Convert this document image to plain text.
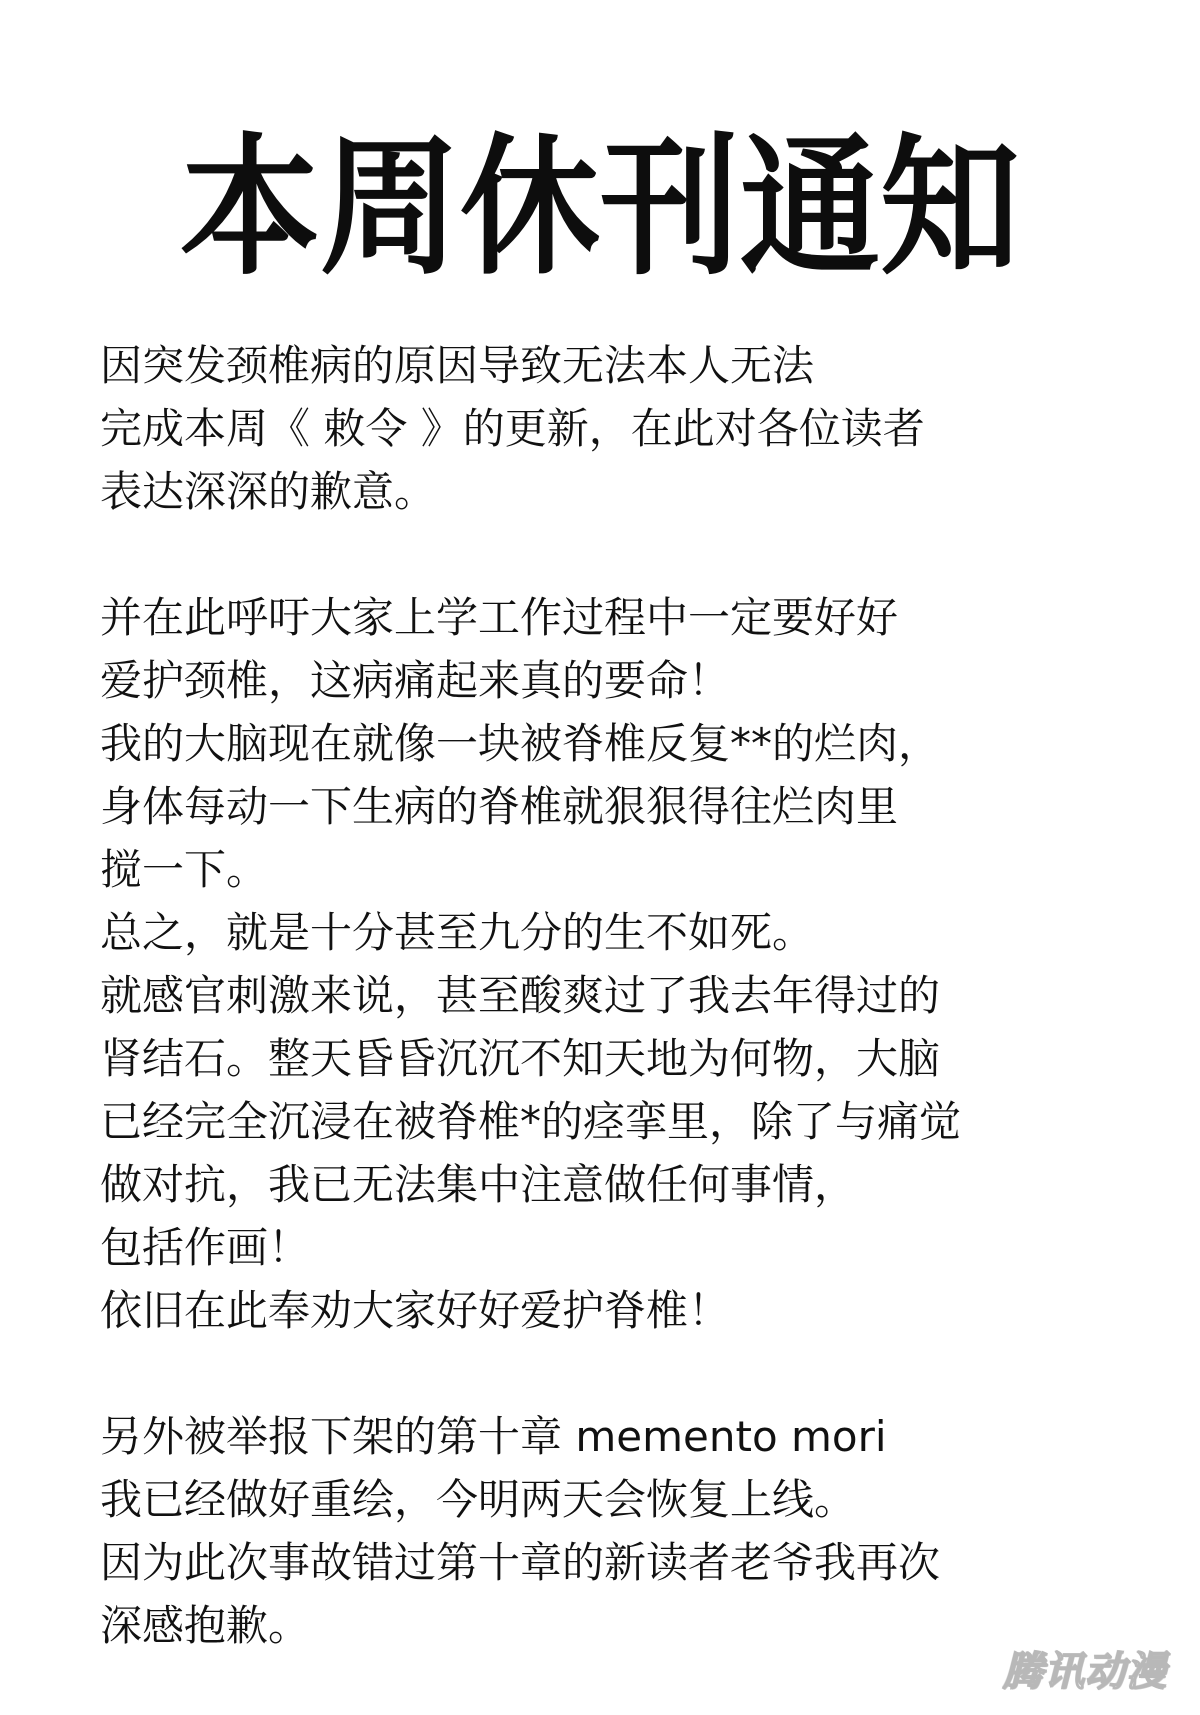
本周休刊通知
因突发颈椎病的原因导致无法本人无法
完成本周《 敕令 》的更新，在此对各位读者
表达深深的歉意。
并在此呼吁大家上学工作过程中一定要好好
爱护颈椎，这病痛起来真的要命！
我的大脑现在就像一块被脊椎反复**的烂肉，
身体每动一下生病的脊椎就狠狠得往烂肉里
搅一下。
总之，就是十分甚至九分的生不如死。
就感官刺激来说，甚至酸爽过了我去年得过的
肾结石。整天昏昏沉沉不知天地为何物，大脑
已经完全沉浸在被脊椎*的痉挛里，除了与痛觉
做对抗，我已无法集中注意做任何事情，
包括作画！
依旧在此奉劝大家好好爱护脊椎！
另外被举报下架的第十章 memento mori
我已经做好重绘，今明两天会恢复上线。
因为此次事故错过第十章的新读者老爷我再次
深感抱歉。
腾讯动漫
